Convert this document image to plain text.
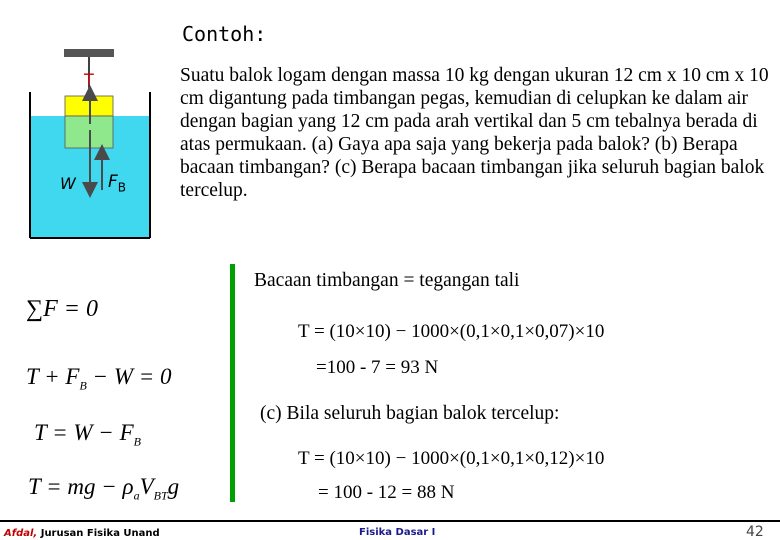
Contoh:
T
W $F_B$
Suatu balok logam dengan massa 10 kg dengan ukuran 12 cm x 10 cm x 10 cm digantung pada timbangan pegas, kemudian di celupkan ke dalam air dengan bagian yang 12 cm pada arah vertikal dan 5 cm tebalnya berada di atas permukaan. (a) Gaya apa saja yang bekerja pada balok? (b) Berapa bacaan timbangan? (c) Berapa bacaan timbangan jika seluruh bagian balok tercelup.
∑F = 0
$T + F_B - W = 0$
$T = W - F_B$
T = mg − $\rho_aV_{BT}g$
Bacaan timbangan = tegangan tali
T = (10×10) − 1000×(0,1×0,1×0,07)×10
=100 - 7 = 93 N
(c) Bila seluruh bagian balok tercelup:
T = (10×10) − 1000×(0,1×0,1×0,12)×10
= 100 - 12 = 88 N
Afdal, Jurusan Fisika Unand	Fisika Dasar I	42
